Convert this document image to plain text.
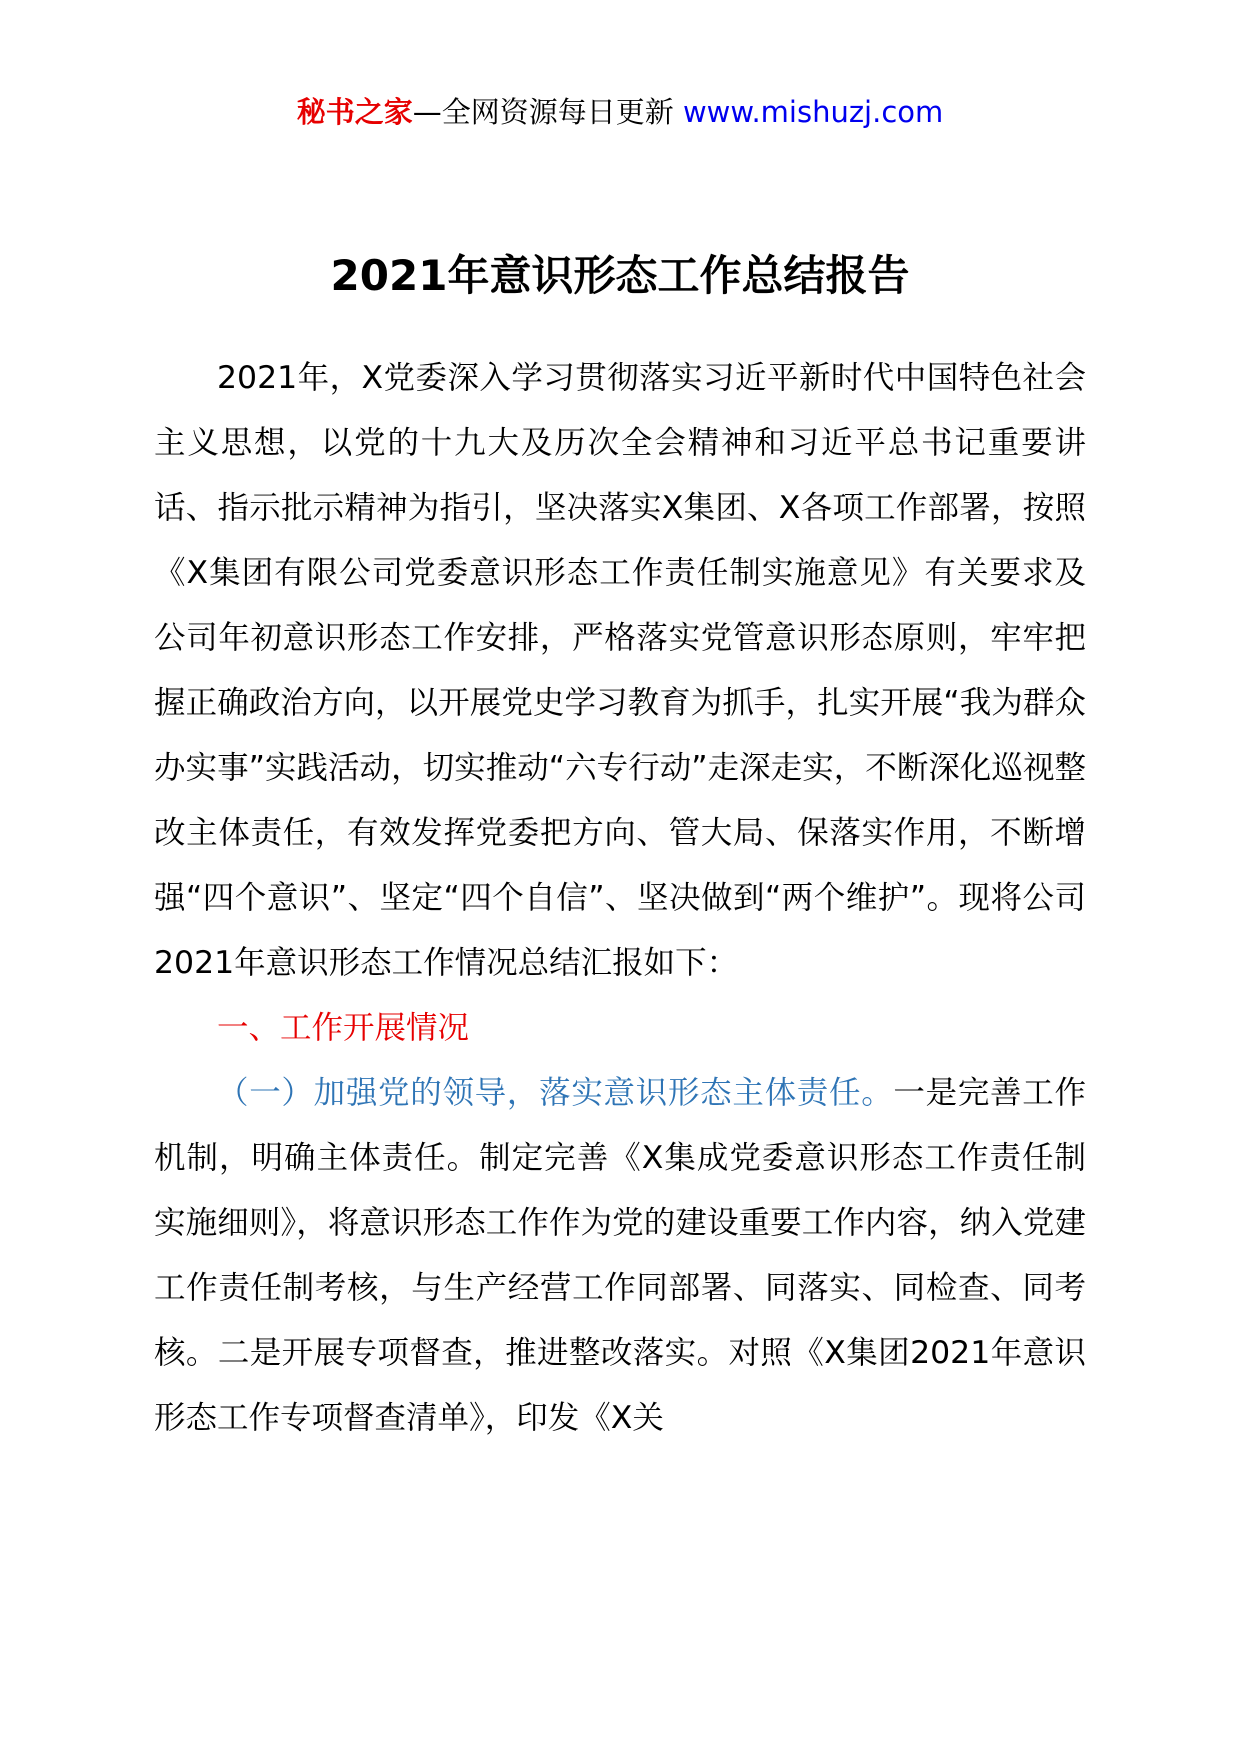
秘书之家—全网资源每日更新 www.mishuzj.com
2021年意识形态工作总结报告

2021年，X党委深入学习贯彻落实习近平新时代中国特色社会主义思想，以党的十九大及历次全会精神和习近平总书记重要讲话、指示批示精神为指引，坚决落实X集团、X各项工作部署，按照《X集团有限公司党委意识形态工作责任制实施意见》有关要求及公司年初意识形态工作安排，严格落实党管意识形态原则，牢牢把握正确政治方向，以开展党史学习教育为抓手，扎实开展“我为群众办实事”实践活动，切实推动“六专行动”走深走实，不断深化巡视整改主体责任，有效发挥党委把方向、管大局、保落实作用，不断增强“四个意识”、坚定“四个自信”、坚决做到“两个维护”。现将公司2021年意识形态工作情况总结汇报如下：

一、工作开展情况

（一）加强党的领导，落实意识形态主体责任。一是完善工作机制，明确主体责任。制定完善《X集成党委意识形态工作责任制实施细则》，将意识形态工作作为党的建设重要工作内容，纳入党建工作责任制考核，与生产经营工作同部署、同落实、同检查、同考核。二是开展专项督查，推进整改落实。对照《X集团2021年意识形态工作专项督查清单》，印发《X关
